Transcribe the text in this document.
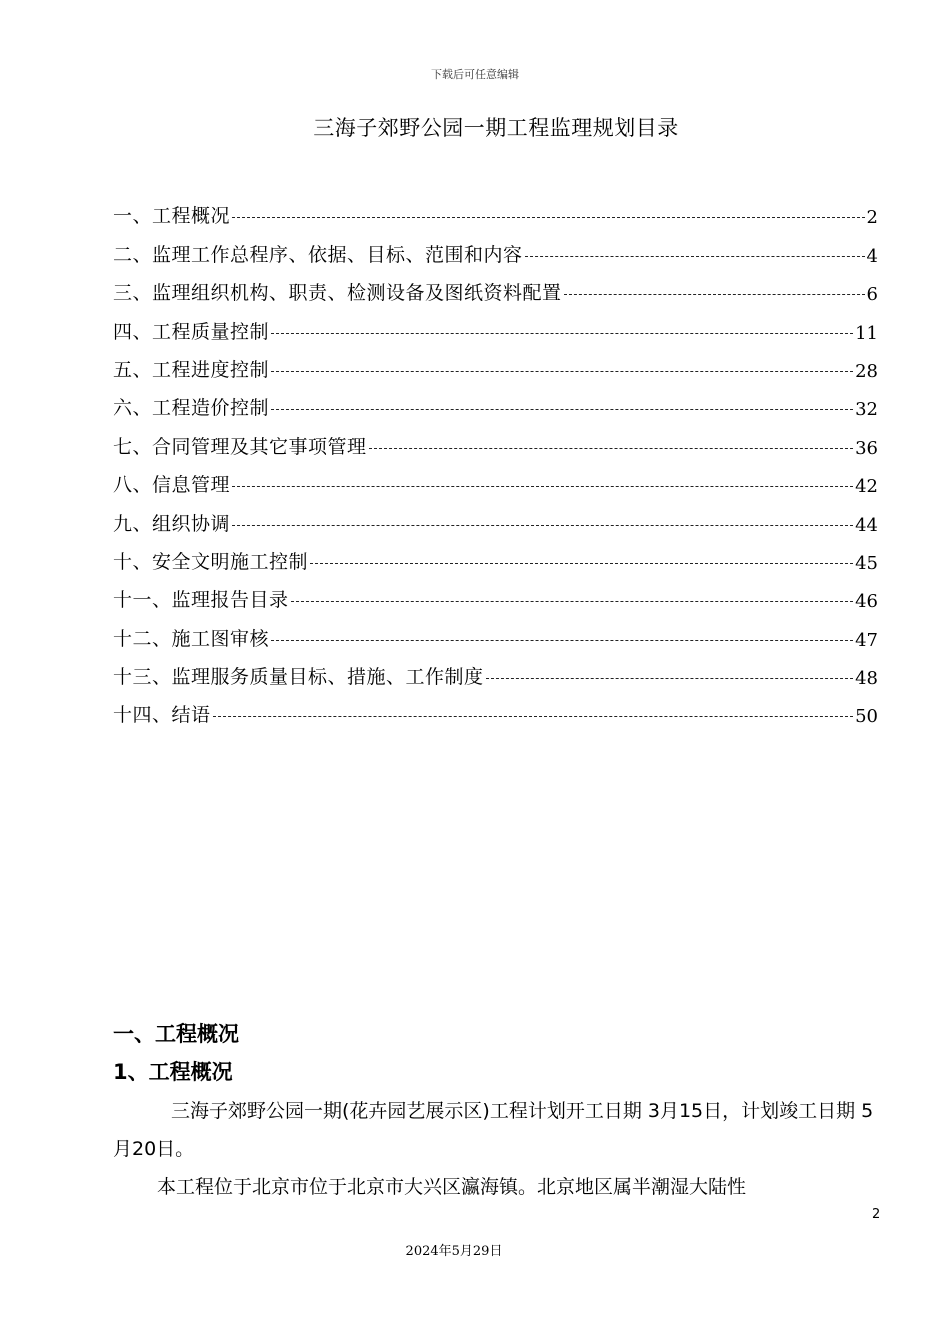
下载后可任意编辑
三海子郊野公园一期工程监理规划目录
一、工程概况	2
二、监理工作总程序、依据、目标、范围和内容	4
三、监理组织机构、职责、检测设备及图纸资料配置	6
四、工程质量控制	11
五、工程进度控制	28
六、工程造价控制	32
七、合同管理及其它事项管理	36
八、信息管理	42
九、组织协调	44
十、安全文明施工控制	45
十一、监理报告目录	46
十二、施工图审核	47
十三、监理服务质量目标、措施、工作制度	48
十四、结语	50
一、工程概况
1、工程概况
三海子郊野公园一期(花卉园艺展示区)工程计划开工日期 3月15日，计划竣工日期 5月20日。
本工程位于北京市位于北京市大兴区瀛海镇。北京地区属半潮湿大陆性
2
2024年5月29日
